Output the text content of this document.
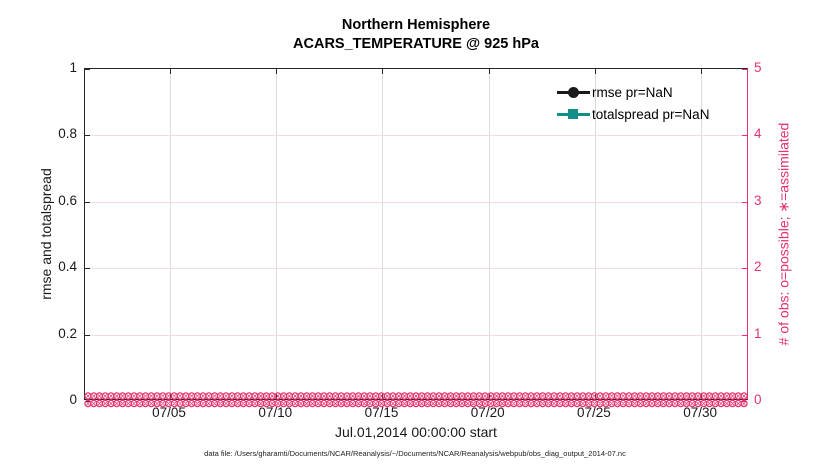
Northern Hemisphere
ACARS_TEMPERATURE @ 925 hPa
rmse pr=NaN
totalspread pr=NaN
0
0.2
0.4
0.6
0.8
1
0
1
2
3
4
5
07/05	07/10	07/15	07/20	07/25	07/30
rmse and totalspread	# of obs: o=possible; ∗=assimilated
Jul.01,2014 00:00:00 start
data file: /Users/gharamti/Documents/NCAR/Reanalysis/~/Documents/NCAR/Reanalysis/webpub/obs_diag_output_2014-07.nc
